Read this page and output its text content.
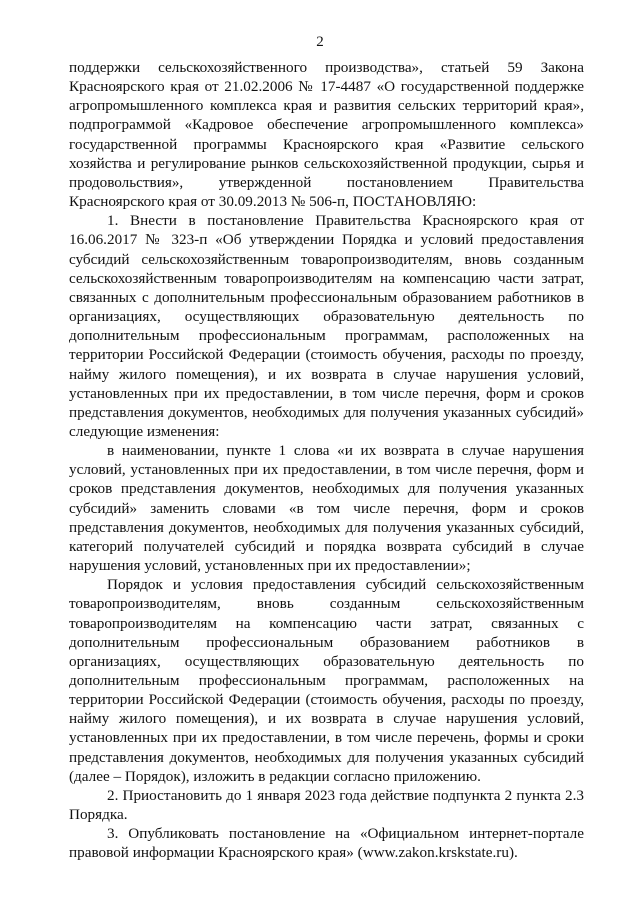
2

поддержки сельскохозяйственного производства», статьей 59 Закона Красноярского края от 21.02.2006 № 17-4487 «О государственной поддержке агропромышленного комплекса края и развития сельских территорий края», подпрограммой «Кадровое обеспечение агропромышленного комплекса» государственной программы Красноярского края «Развитие сельского хозяйства и регулирование рынков сельскохозяйственной продукции, сырья и продовольствия», утвержденной постановлением Правительства Красноярского края от 30.09.2013 № 506-п, ПОСТАНОВЛЯЮ:

1. Внести в постановление Правительства Красноярского края от 16.06.2017 № 323-п «Об утверждении Порядка и условий предоставления субсидий сельскохозяйственным товаропроизводителям, вновь созданным сельскохозяйственным товаропроизводителям на компенсацию части затрат, связанных с дополнительным профессиональным образованием работников в организациях, осуществляющих образовательную деятельность по дополнительным профессиональным программам, расположенных на территории Российской Федерации (стоимость обучения, расходы по проезду, найму жилого помещения), и их возврата в случае нарушения условий, установленных при их предоставлении, в том числе перечня, форм и сроков представления документов, необходимых для получения указанных субсидий» следующие изменения:

в наименовании, пункте 1 слова «и их возврата в случае нарушения условий, установленных при их предоставлении, в том числе перечня, форм и сроков представления документов, необходимых для получения указанных субсидий» заменить словами «в том числе перечня, форм и сроков представления документов, необходимых для получения указанных субсидий, категорий получателей субсидий и порядка возврата субсидий в случае нарушения условий, установленных при их предоставлении»;

Порядок и условия предоставления субсидий сельскохозяйственным товаропроизводителям, вновь созданным сельскохозяйственным товаропроизводителям на компенсацию части затрат, связанных с дополнительным профессиональным образованием работников в организациях, осуществляющих образовательную деятельность по дополнительным профессиональным программам, расположенных на территории Российской Федерации (стоимость обучения, расходы по проезду, найму жилого помещения), и их возврата в случае нарушения условий, установленных при их предоставлении, в том числе перечень, формы и сроки представления документов, необходимых для получения указанных субсидий (далее – Порядок), изложить в редакции согласно приложению.

2. Приостановить до 1 января 2023 года действие подпункта 2 пункта 2.3 Порядка.

3. Опубликовать постановление на «Официальном интернет-портале правовой информации Красноярского края» (www.zakon.krskstate.ru).
